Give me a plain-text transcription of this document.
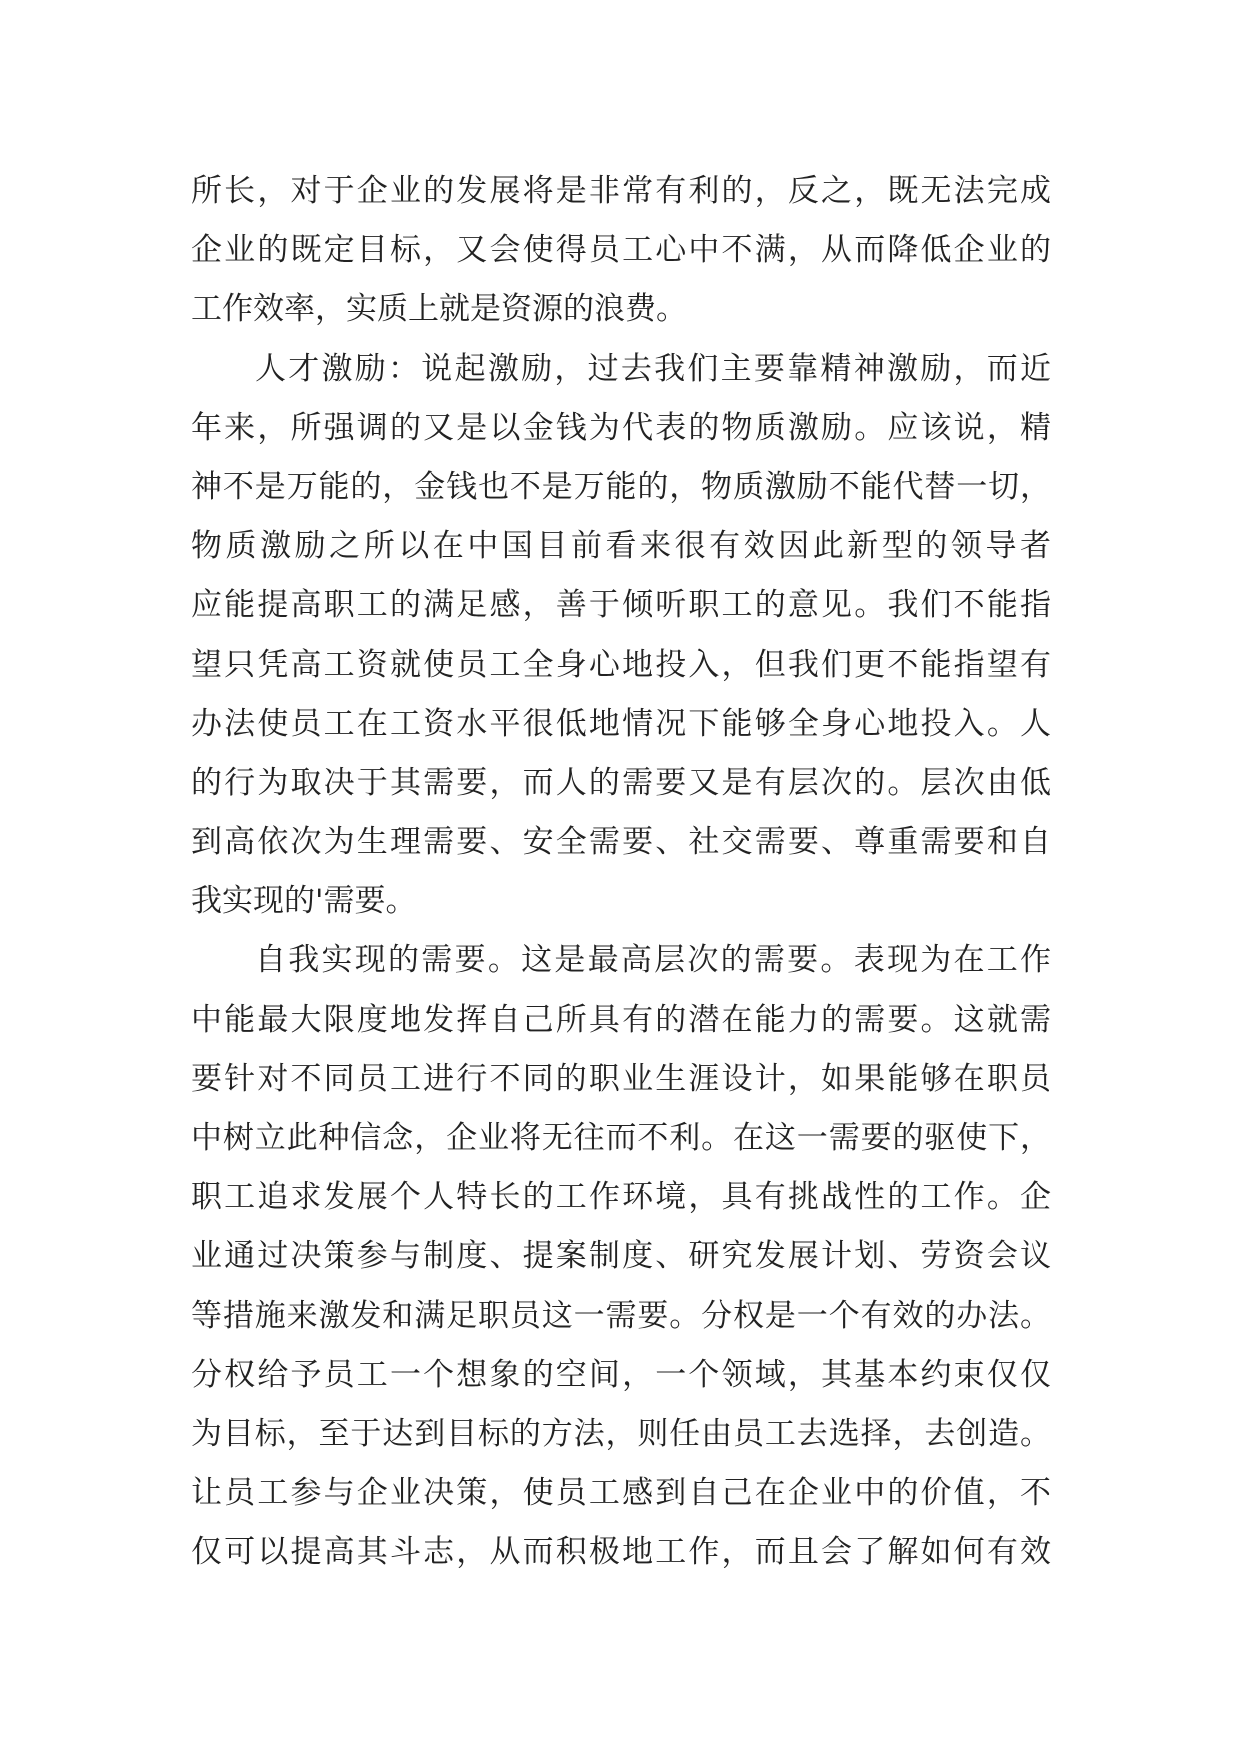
所长，对于企业的发展将是非常有利的，反之，既无法完成
企业的既定目标，又会使得员工心中不满，从而降低企业的
工作效率，实质上就是资源的浪费。
人才激励：说起激励，过去我们主要靠精神激励，而近
年来，所强调的又是以金钱为代表的物质激励。应该说，精
神不是万能的，金钱也不是万能的，物质激励不能代替一切，
物质激励之所以在中国目前看来很有效因此新型的领导者
应能提高职工的满足感，善于倾听职工的意见。我们不能指
望只凭高工资就使员工全身心地投入，但我们更不能指望有
办法使员工在工资水平很低地情况下能够全身心地投入。人
的行为取决于其需要，而人的需要又是有层次的。层次由低
到高依次为生理需要、安全需要、社交需要、尊重需要和自
我实现的'需要。
自我实现的需要。这是最高层次的需要。表现为在工作
中能最大限度地发挥自己所具有的潜在能力的需要。这就需
要针对不同员工进行不同的职业生涯设计，如果能够在职员
中树立此种信念，企业将无往而不利。在这一需要的驱使下，
职工追求发展个人特长的工作环境，具有挑战性的工作。企
业通过决策参与制度、提案制度、研究发展计划、劳资会议
等措施来激发和满足职员这一需要。分权是一个有效的办法。
分权给予员工一个想象的空间，一个领域，其基本约束仅仅
为目标，至于达到目标的方法，则任由员工去选择，去创造。
让员工参与企业决策，使员工感到自己在企业中的价值，不
仅可以提高其斗志，从而积极地工作，而且会了解如何有效
